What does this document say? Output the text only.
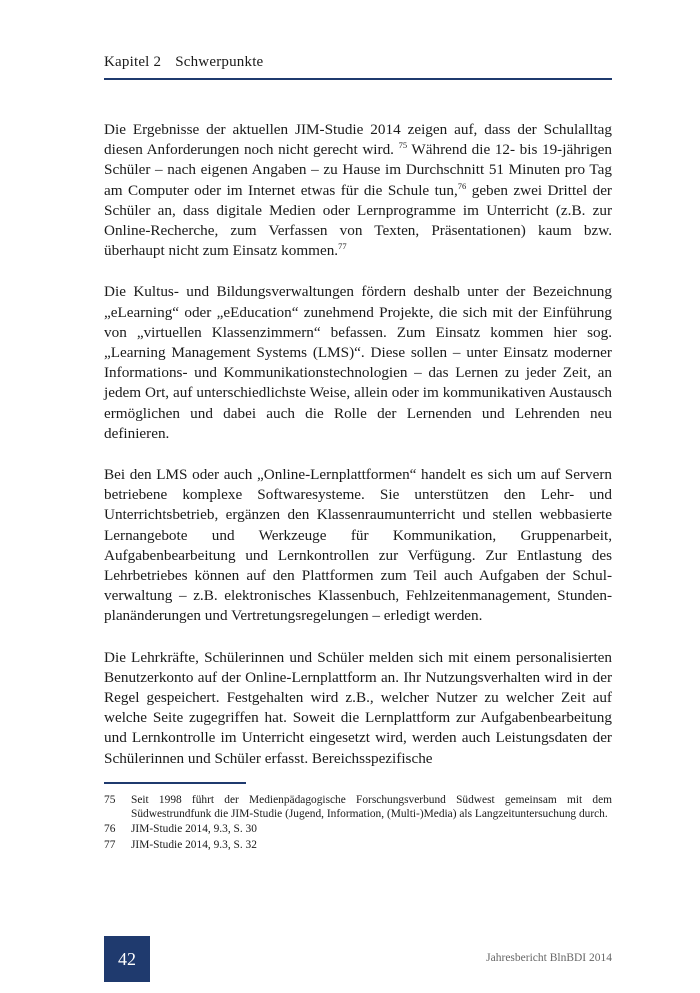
Kapitel 2 Schwerpunkte

Die Ergebnisse der aktuellen JIM-Studie 2014 zeigen auf, dass der Schulalltag diesen Anforderungen noch nicht gerecht wird. $^{75}$ Während die 12- bis 19-jährigen Schüler – nach eigenen Angaben – zu Hause im Durchschnitt 51 Minuten pro Tag am Computer oder im Internet etwas für die Schule tun,$^{76}$ geben zwei Drittel der Schüler an, dass digitale Medien oder Lernprogramme im Unterricht (z.B. zur Online-Recherche, zum Verfassen von Texten, Präsentationen) kaum bzw. überhaupt nicht zum Einsatz kommen.$^{77}$

Die Kultus- und Bildungsverwaltungen fördern deshalb unter der Bezeichnung „eLearning“ oder „eEducation“ zunehmend Projekte, die sich mit der Einführung von „virtuellen Klassenzimmern“ befassen. Zum Einsatz kommen hier sog. „Learning Management Systems (LMS)“. Diese sollen – unter Einsatz moderner Informations- und Kommunikationstechnologien – das Lernen zu jeder Zeit, an jedem Ort, auf unterschiedlichste Weise, allein oder im kommunikativen Austausch ermöglichen und dabei auch die Rolle der Lernenden und Lehrenden neu definieren.

Bei den LMS oder auch „Online-Lernplattformen“ handelt es sich um auf Servern betriebene komplexe Softwaresysteme. Sie unterstützen den Lehr- und Unterrichtsbetrieb, ergänzen den Klassenraumunterricht und stellen webbasierte Lernangebote und Werkzeuge für Kommunikation, Gruppenarbeit, Aufgabenbearbeitung und Lernkontrollen zur Verfügung. Zur Entlastung des Lehrbetriebes können auf den Plattformen zum Teil auch Aufgaben der Schulverwaltung – z.B. elektronisches Klassenbuch, Fehlzeitenmanagement, Stundenplanänderungen und Vertretungsregelungen – erledigt werden.

Die Lehrkräfte, Schülerinnen und Schüler melden sich mit einem personalisierten Benutzerkonto auf der Online-Lernplattform an. Ihr Nutzungsverhalten wird in der Regel gespeichert. Festgehalten wird z.B., welcher Nutzer zu welcher Zeit auf welche Seite zugegriffen hat. Soweit die Lernplattform zur Aufgabenbearbeitung und Lernkontrolle im Unterricht eingesetzt wird, werden auch Leistungsdaten der Schülerinnen und Schüler erfasst. Bereichsspezifische

75	Seit 1998 führt der Medienpädagogische Forschungsverbund Südwest gemeinsam mit dem Südwestrundfunk die JIM-Studie (Jugend, Information, (Multi-)Media) als Langzeituntersuchung durch.
76	JIM-Studie 2014, 9.3, S. 30
77	JIM-Studie 2014, 9.3, S. 32
42	Jahresbericht BlnBDI 2014
